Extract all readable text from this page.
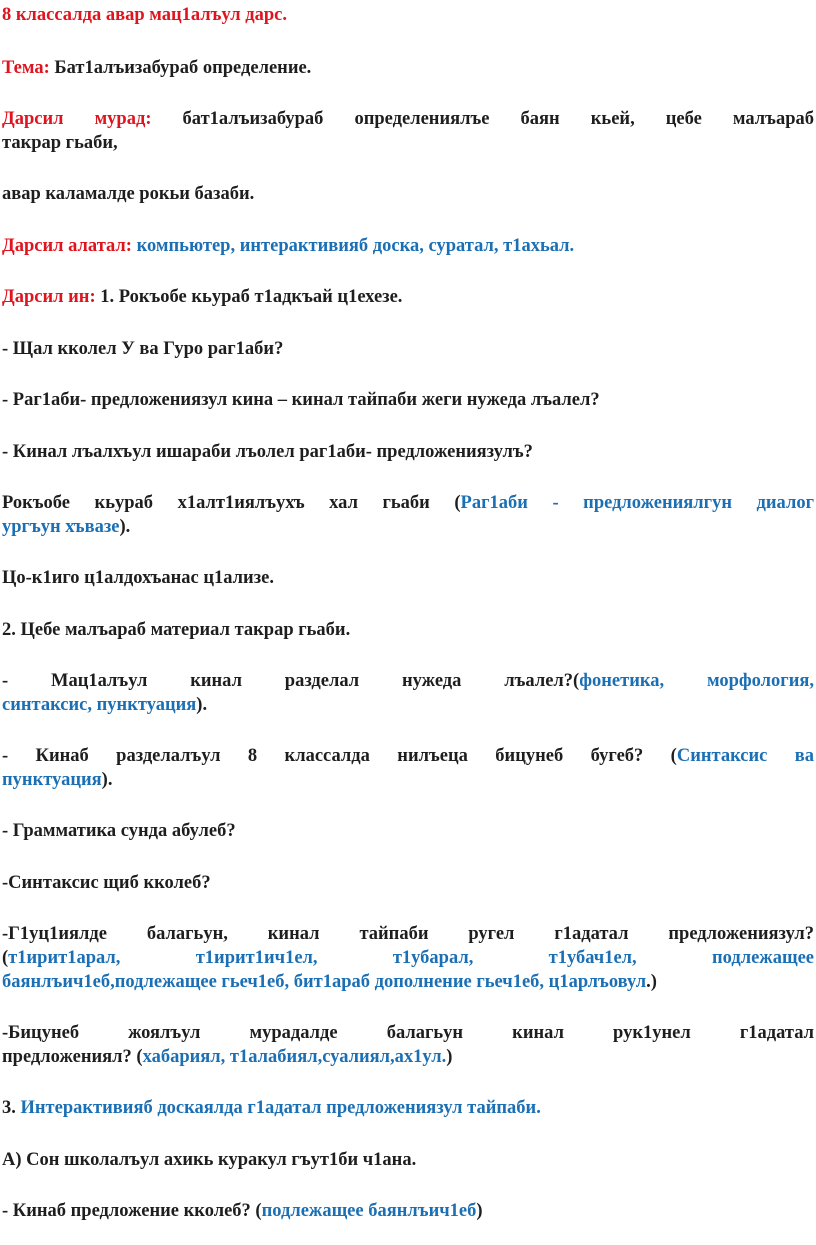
8 классалда авар мац1алъул дарс.
Тема: Бат1алъизабураб определение.
Дарсил мурад: бат1алъизабураб определениялъе баян кьей, цебе малъараб
такрар гьаби,
авар каламалде рокьи базаби.
Дарсил алатал: компьютер, интерактивияб доска, суратал, т1ахьал.
Дарсил ин: 1. Рокъобе кьураб т1адкъай ц1ехезе.
- Щал кколел У ва Гуро раг1аби?
- Раг1аби- предложениязул кина – кинал тайпаби жеги нужеда лъалел?
- Кинал лъалхъул ишараби лъолел раг1аби- предложениязулъ?
Рокъобе кьураб х1алт1иялъухъ хал гьаби (Раг1аби - предложениялгун диалог
ургъун хъвазе).
Цо-к1иго ц1алдохъанас ц1ализе.
2. Цебе малъараб материал такрар гьаби.
- Мац1алъул кинал разделал нужеда лъалел?(фонетика, морфология,
синтаксис, пунктуация).
- Кинаб разделалъул 8 классалда нилъеца бицунеб бугеб? (Синтаксис ва
пунктуация).
- Грамматика сунда абулеб?
-Синтаксис щиб кколеб?
-Г1уц1иялде балагьун, кинал тайпаби ругел г1адатал предложениязул?
(т1ирит1арал, т1ирит1ич1ел, т1убарал, т1убач1ел, подлежащее
баянлъич1еб,подлежащее гьеч1еб, бит1араб дополнение гьеч1еб, ц1арлъовул.)
-Бицунеб жоялъул мурадалде балагьун кинал рук1унел г1адатал
предложениял? (хабариял, т1алабиял,суалиял,ах1ул.)
3. Интерактивияб доскаялда г1адатал предложениязул тайпаби.
А) Сон школалъул ахикь куракул гъут1би ч1ана.
- Кинаб предложение кколеб? (подлежащее баянлъич1еб)
